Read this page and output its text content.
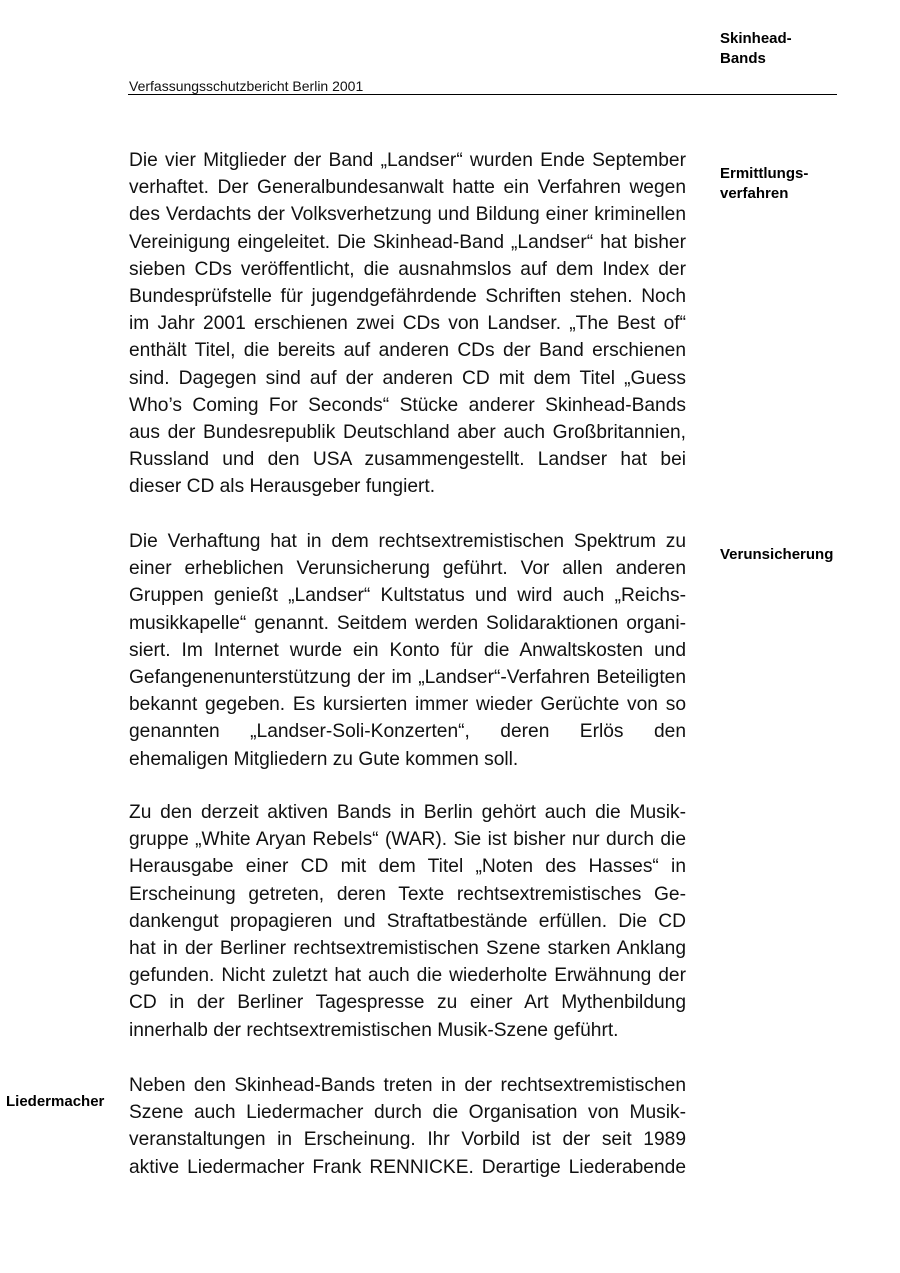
Verfassungsschutzbericht Berlin 2001
Skinhead-
Bands
Ermittlungs-
verfahren
Verunsicherung
Liedermacher
Die vier Mitglieder der Band „Landser“ wurden Ende September
verhaftet. Der Generalbundesanwalt hatte ein Verfahren wegen
des Verdachts der Volksverhetzung und Bildung einer kriminellen
Vereinigung eingeleitet. Die Skinhead-Band „Landser“ hat bisher
sieben CDs veröffentlicht, die ausnahmslos auf dem Index der
Bundesprüfstelle für jugendgefährdende Schriften stehen. Noch
im Jahr 2001 erschienen zwei CDs von Landser. „The Best of“
enthält Titel, die bereits auf anderen CDs der Band erschienen
sind. Dagegen sind auf der anderen CD mit dem Titel „Guess
Who’s Coming For Seconds“ Stücke anderer Skinhead-Bands
aus der Bundesrepublik Deutschland aber auch Großbritannien,
Russland und den USA zusammengestellt. Landser hat bei
dieser CD als Herausgeber fungiert.
Die Verhaftung hat in dem rechtsextremistischen Spektrum zu
einer erheblichen Verunsicherung geführt. Vor allen anderen
Gruppen genießt „Landser“ Kultstatus und wird auch „Reichs-
musikkapelle“ genannt. Seitdem werden Solidaraktionen organi-
siert. Im Internet wurde ein Konto für die Anwaltskosten und
Gefangenenunterstützung der im „Landser“-Verfahren Beteiligten
bekannt gegeben. Es kursierten immer wieder Gerüchte von so
genannten „Landser-Soli-Konzerten“, deren Erlös den
ehemaligen Mitgliedern zu Gute kommen soll.
Zu den derzeit aktiven Bands in Berlin gehört auch die Musik-
gruppe „White Aryan Rebels“ (WAR). Sie ist bisher nur durch die
Herausgabe einer CD mit dem Titel „Noten des Hasses“ in
Erscheinung getreten, deren Texte rechtsextremistisches Ge-
dankengut propagieren und Straftatbestände erfüllen. Die CD
hat in der Berliner rechtsextremistischen Szene starken Anklang
gefunden. Nicht zuletzt hat auch die wiederholte Erwähnung der
CD in der Berliner Tagespresse zu einer Art Mythenbildung
innerhalb der rechtsextremistischen Musik-Szene geführt.
Neben den Skinhead-Bands treten in der rechtsextremistischen
Szene auch Liedermacher durch die Organisation von Musik-
veranstaltungen in Erscheinung. Ihr Vorbild ist der seit 1989
aktive Liedermacher Frank RENNICKE. Derartige Liederabende
